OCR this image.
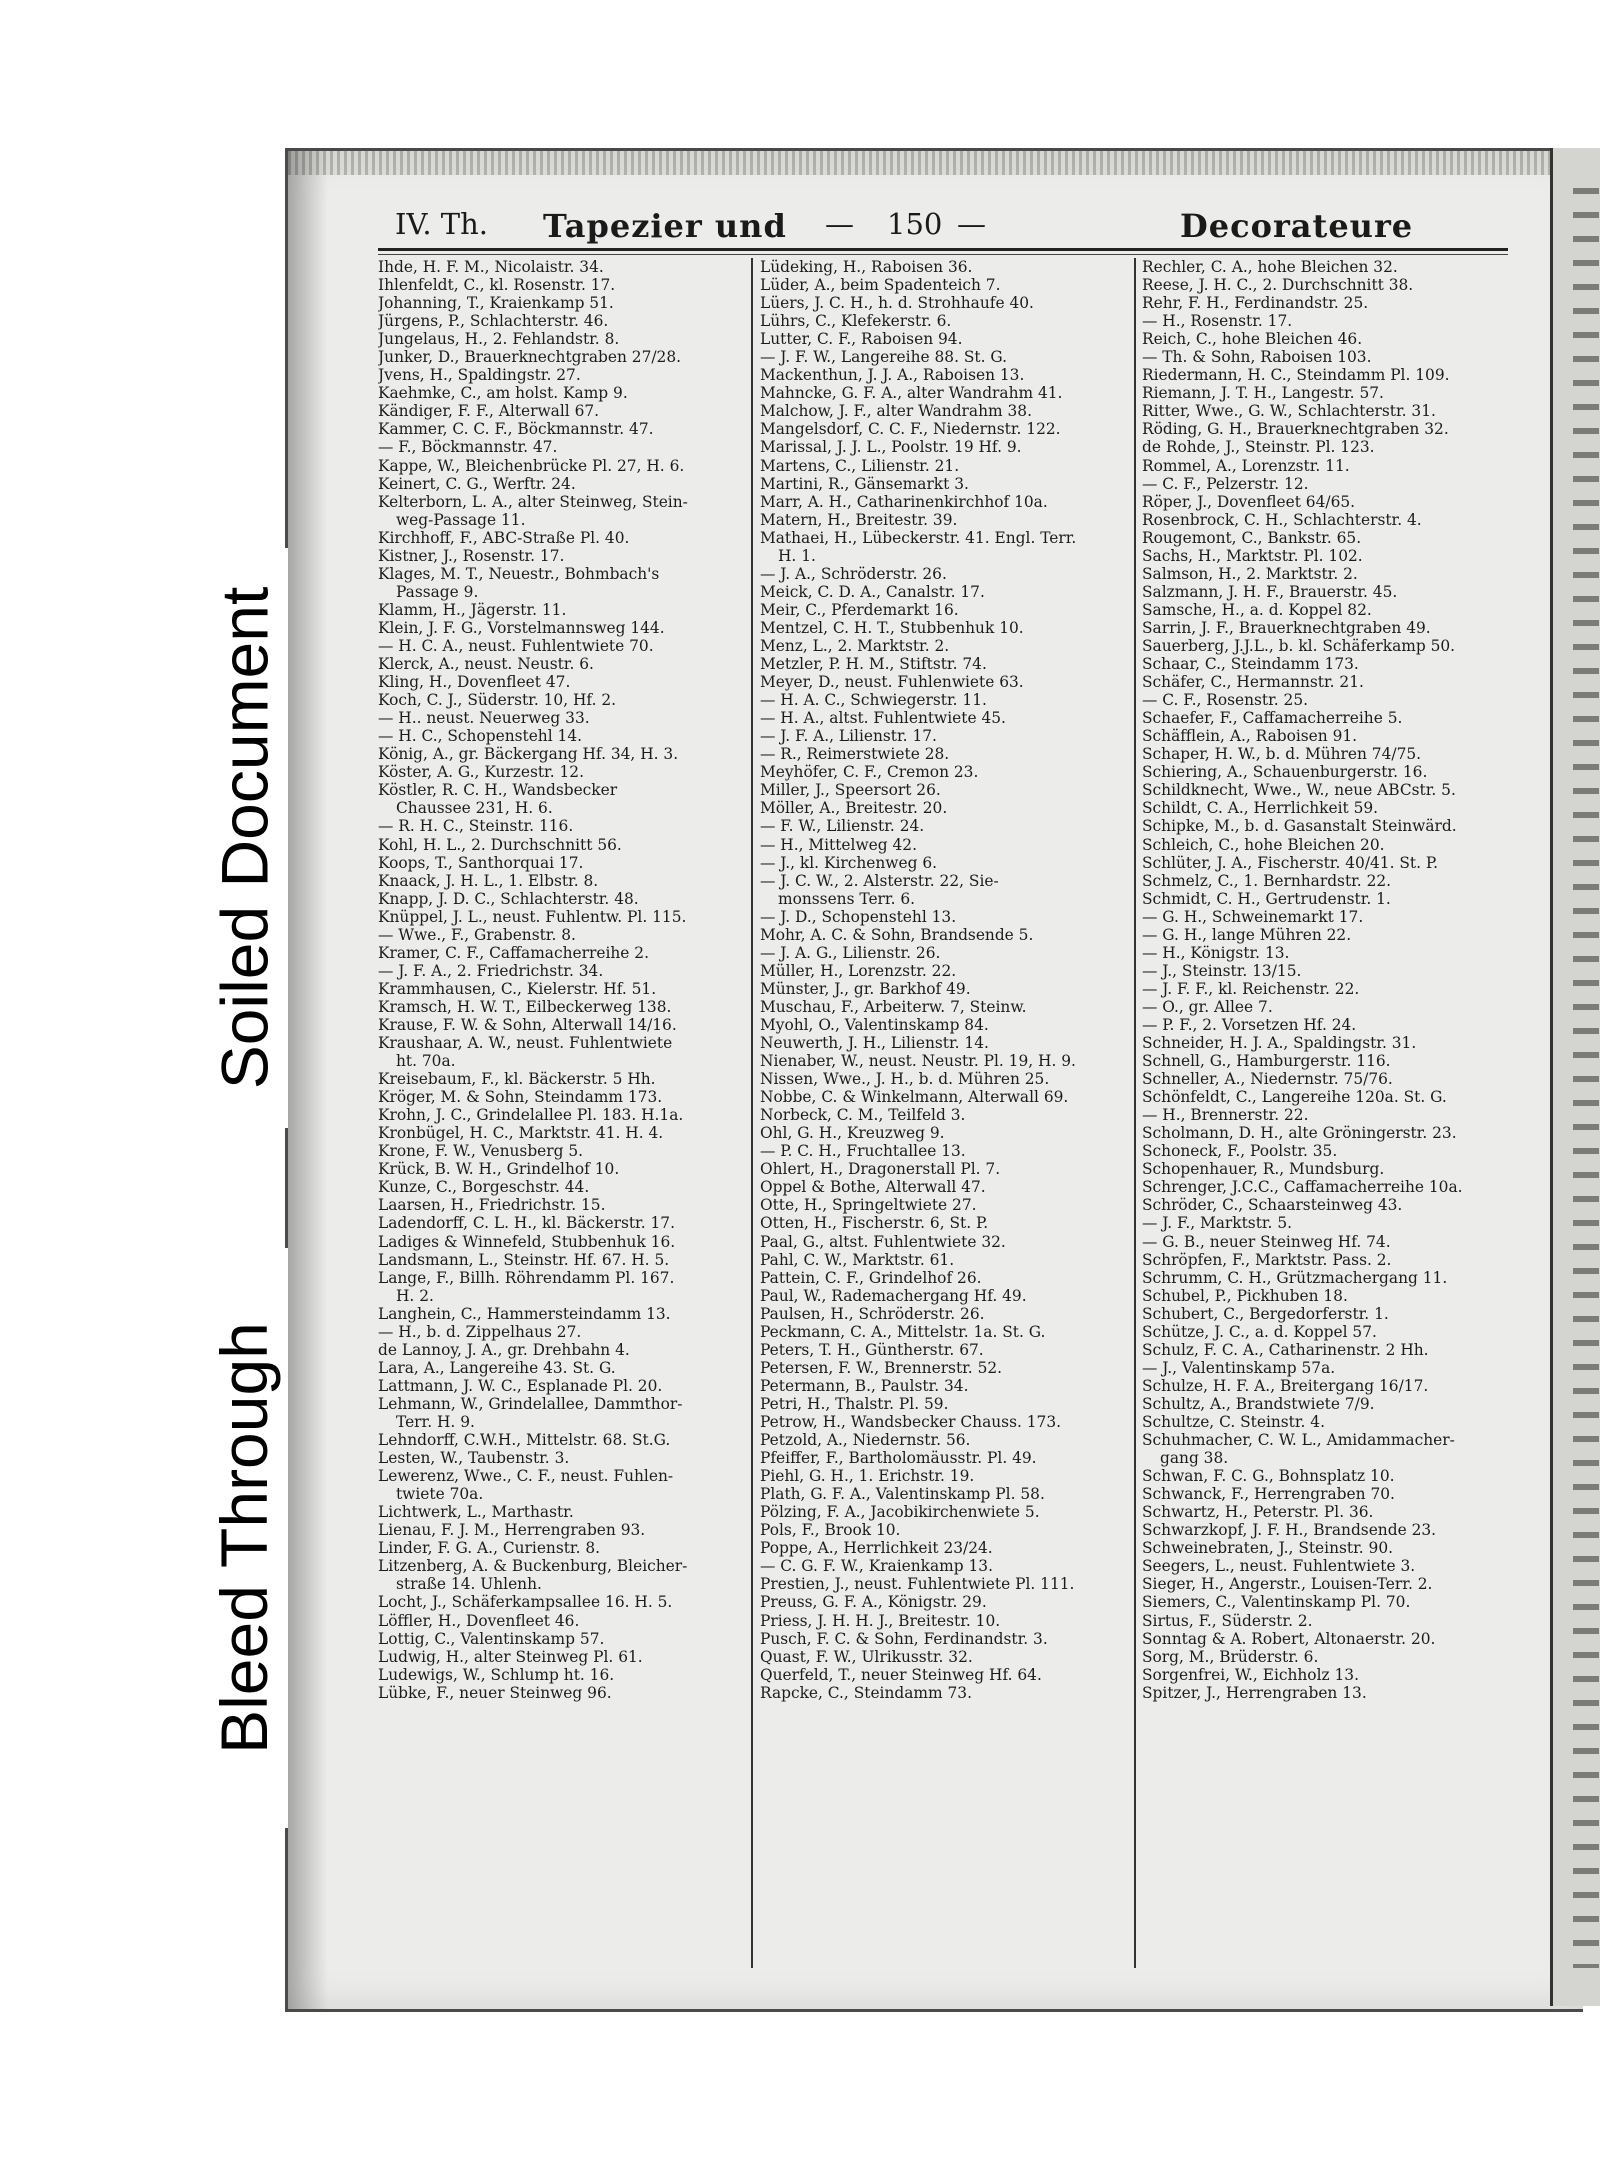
Soiled Document
Bleed Through
IV. Th. Tapezier und — 150 —	Decorateure
Ihde, H. F. M., Nicolaistr. 34.
Ihlenfeldt, C., kl. Rosenstr. 17.
Johanning, T., Kraienkamp 51.
Jürgens, P., Schlachterstr. 46.
Jungelaus, H., 2. Fehlandstr. 8.
Junker, D., Brauerknechtgraben 27/28.
Jvens, H., Spaldingstr. 27.
Kaehmke, C., am holst. Kamp 9.
Kändiger, F. F., Alterwall 67.
Kammer, C. C. F., Böckmannstr. 47.
— F., Böckmannstr. 47.
Kappe, W., Bleichenbrücke Pl. 27, H. 6.
Keinert, C. G., Werftr. 24.
Kelterborn, L. A., alter Steinweg, Stein-
weg-Passage 11.
Kirchhoff, F., ABC-Straße Pl. 40.
Kistner, J., Rosenstr. 17.
Klages, M. T., Neuestr., Bohmbach's
Passage 9.
Klamm, H., Jägerstr. 11.
Klein, J. F. G., Vorstelmannsweg 144.
— H. C. A., neust. Fuhlentwiete 70.
Klerck, A., neust. Neustr. 6.
Kling, H., Dovenfleet 47.
Koch, C. J., Süderstr. 10, Hf. 2.
— H.. neust. Neuerweg 33.
— H. C., Schopenstehl 14.
König, A., gr. Bäckergang Hf. 34, H. 3.
Köster, A. G., Kurzestr. 12.
Köstler, R. C. H., Wandsbecker
Chaussee 231, H. 6.
— R. H. C., Steinstr. 116.
Kohl, H. L., 2. Durchschnitt 56.
Koops, T., Santhorquai 17.
Knaack, J. H. L., 1. Elbstr. 8.
Knapp, J. D. C., Schlachterstr. 48.
Knüppel, J. L., neust. Fuhlentw. Pl. 115.
— Wwe., F., Grabenstr. 8.
Kramer, C. F., Caffamacherreihe 2.
— J. F. A., 2. Friedrichstr. 34.
Krammhausen, C., Kielerstr. Hf. 51.
Kramsch, H. W. T., Eilbeckerweg 138.
Krause, F. W. & Sohn, Alterwall 14/16.
Kraushaar, A. W., neust. Fuhlentwiete
ht. 70a.
Kreisebaum, F., kl. Bäckerstr. 5 Hh.
Kröger, M. & Sohn, Steindamm 173.
Krohn, J. C., Grindelallee Pl. 183. H.1a.
Kronbügel, H. C., Marktstr. 41. H. 4.
Krone, F. W., Venusberg 5.
Krück, B. W. H., Grindelhof 10.
Kunze, C., Borgeschstr. 44.
Laarsen, H., Friedrichstr. 15.
Ladendorff, C. L. H., kl. Bäckerstr. 17.
Ladiges & Winnefeld, Stubbenhuk 16.
Landsmann, L., Steinstr. Hf. 67. H. 5.
Lange, F., Billh. Röhrendamm Pl. 167.
H. 2.
Langhein, C., Hammersteindamm 13.
— H., b. d. Zippelhaus 27.
de Lannoy, J. A., gr. Drehbahn 4.
Lara, A., Langereihe 43. St. G.
Lattmann, J. W. C., Esplanade Pl. 20.
Lehmann, W., Grindelallee, Dammthor-
Terr. H. 9.
Lehndorff, C.W.H., Mittelstr. 68. St.G.
Lesten, W., Taubenstr. 3.
Lewerenz, Wwe., C. F., neust. Fuhlen-
twiete 70a.
Lichtwerk, L., Marthastr.
Lienau, F. J. M., Herrengraben 93.
Linder, F. G. A., Curienstr. 8.
Litzenberg, A. & Buckenburg, Bleicher-
straße 14. Uhlenh.
Locht, J., Schäferkampsallee 16. H. 5.
Löffler, H., Dovenfleet 46.
Lottig, C., Valentinskamp 57.
Ludwig, H., alter Steinweg Pl. 61.
Ludewigs, W., Schlump ht. 16.
Lübke, F., neuer Steinweg 96.
Lüdeking, H., Raboisen 36.
Lüder, A., beim Spadenteich 7.
Lüers, J. C. H., h. d. Strohhaufe 40.
Lührs, C., Klefekerstr. 6.
Lutter, C. F., Raboisen 94.
— J. F. W., Langereihe 88. St. G.
Mackenthun, J. J. A., Raboisen 13.
Mahncke, G. F. A., alter Wandrahm 41.
Malchow, J. F., alter Wandrahm 38.
Mangelsdorf, C. C. F., Niedernstr. 122.
Marissal, J. J. L., Poolstr. 19 Hf. 9.
Martens, C., Lilienstr. 21.
Martini, R., Gänsemarkt 3.
Marr, A. H., Catharinenkirchhof 10a.
Matern, H., Breitestr. 39.
Mathaei, H., Lübeckerstr. 41. Engl. Terr.
H. 1.
— J. A., Schröderstr. 26.
Meick, C. D. A., Canalstr. 17.
Meir, C., Pferdemarkt 16.
Mentzel, C. H. T., Stubbenhuk 10.
Menz, L., 2. Marktstr. 2.
Metzler, P. H. M., Stiftstr. 74.
Meyer, D., neust. Fuhlenwiete 63.
— H. A. C., Schwiegerstr. 11.
— H. A., altst. Fuhlentwiete 45.
— J. F. A., Lilienstr. 17.
— R., Reimerstwiete 28.
Meyhöfer, C. F., Cremon 23.
Miller, J., Speersort 26.
Möller, A., Breitestr. 20.
— F. W., Lilienstr. 24.
— H., Mittelweg 42.
— J., kl. Kirchenweg 6.
— J. C. W., 2. Alsterstr. 22, Sie-
monssens Terr. 6.
— J. D., Schopenstehl 13.
Mohr, A. C. & Sohn, Brandsende 5.
— J. A. G., Lilienstr. 26.
Müller, H., Lorenzstr. 22.
Münster, J., gr. Barkhof 49.
Muschau, F., Arbeiterw. 7, Steinw.
Myohl, O., Valentinskamp 84.
Neuwerth, J. H., Lilienstr. 14.
Nienaber, W., neust. Neustr. Pl. 19, H. 9.
Nissen, Wwe., J. H., b. d. Mühren 25.
Nobbe, C. & Winkelmann, Alterwall 69.
Norbeck, C. M., Teilfeld 3.
Ohl, G. H., Kreuzweg 9.
— P. C. H., Fruchtallee 13.
Ohlert, H., Dragonerstall Pl. 7.
Oppel & Bothe, Alterwall 47.
Otte, H., Springeltwiete 27.
Otten, H., Fischerstr. 6, St. P.
Paal, G., altst. Fuhlentwiete 32.
Pahl, C. W., Marktstr. 61.
Pattein, C. F., Grindelhof 26.
Paul, W., Rademachergang Hf. 49.
Paulsen, H., Schröderstr. 26.
Peckmann, C. A., Mittelstr. 1a. St. G.
Peters, T. H., Güntherstr. 67.
Petersen, F. W., Brennerstr. 52.
Petermann, B., Paulstr. 34.
Petri, H., Thalstr. Pl. 59.
Petrow, H., Wandsbecker Chauss. 173.
Petzold, A., Niedernstr. 56.
Pfeiffer, F., Bartholomäusstr. Pl. 49.
Piehl, G. H., 1. Erichstr. 19.
Plath, G. F. A., Valentinskamp Pl. 58.
Pölzing, F. A., Jacobikirchenwiete 5.
Pols, F., Brook 10.
Poppe, A., Herrlichkeit 23/24.
— C. G. F. W., Kraienkamp 13.
Prestien, J., neust. Fuhlentwiete Pl. 111.
Preuss, G. F. A., Königstr. 29.
Priess, J. H. H. J., Breitestr. 10.
Pusch, F. C. & Sohn, Ferdinandstr. 3.
Quast, F. W., Ulrikusstr. 32.
Querfeld, T., neuer Steinweg Hf. 64.
Rapcke, C., Steindamm 73.
Rechler, C. A., hohe Bleichen 32.
Reese, J. H. C., 2. Durchschnitt 38.
Rehr, F. H., Ferdinandstr. 25.
— H., Rosenstr. 17.
Reich, C., hohe Bleichen 46.
— Th. & Sohn, Raboisen 103.
Riedermann, H. C., Steindamm Pl. 109.
Riemann, J. T. H., Langestr. 57.
Ritter, Wwe., G. W., Schlachterstr. 31.
Röding, G. H., Brauerknechtgraben 32.
de Rohde, J., Steinstr. Pl. 123.
Rommel, A., Lorenzstr. 11.
— C. F., Pelzerstr. 12.
Röper, J., Dovenfleet 64/65.
Rosenbrock, C. H., Schlachterstr. 4.
Rougemont, C., Bankstr. 65.
Sachs, H., Marktstr. Pl. 102.
Salmson, H., 2. Marktstr. 2.
Salzmann, J. H. F., Brauerstr. 45.
Samsche, H., a. d. Koppel 82.
Sarrin, J. F., Brauerknechtgraben 49.
Sauerberg, J.J.L., b. kl. Schäferkamp 50.
Schaar, C., Steindamm 173.
Schäfer, C., Hermannstr. 21.
— C. F., Rosenstr. 25.
Schaefer, F., Caffamacherreihe 5.
Schäfflein, A., Raboisen 91.
Schaper, H. W., b. d. Mühren 74/75.
Schiering, A., Schauenburgerstr. 16.
Schildknecht, Wwe., W., neue ABCstr. 5.
Schildt, C. A., Herrlichkeit 59.
Schipke, M., b. d. Gasanstalt Steinwärd.
Schleich, C., hohe Bleichen 20.
Schlüter, J. A., Fischerstr. 40/41. St. P.
Schmelz, C., 1. Bernhardstr. 22.
Schmidt, C. H., Gertrudenstr. 1.
— G. H., Schweinemarkt 17.
— G. H., lange Mühren 22.
— H., Königstr. 13.
— J., Steinstr. 13/15.
— J. F. F., kl. Reichenstr. 22.
— O., gr. Allee 7.
— P. F., 2. Vorsetzen Hf. 24.
Schneider, H. J. A., Spaldingstr. 31.
Schnell, G., Hamburgerstr. 116.
Schneller, A., Niedernstr. 75/76.
Schönfeldt, C., Langereihe 120a. St. G.
— H., Brennerstr. 22.
Scholmann, D. H., alte Gröningerstr. 23.
Schoneck, F., Poolstr. 35.
Schopenhauer, R., Mundsburg.
Schrenger, J.C.C., Caffamacherreihe 10a.
Schröder, C., Schaarsteinweg 43.
— J. F., Marktstr. 5.
— G. B., neuer Steinweg Hf. 74.
Schröpfen, F., Marktstr. Pass. 2.
Schrumm, C. H., Grützmachergang 11.
Schubel, P., Pickhuben 18.
Schubert, C., Bergedorferstr. 1.
Schütze, J. C., a. d. Koppel 57.
Schulz, F. C. A., Catharinenstr. 2 Hh.
— J., Valentinskamp 57a.
Schulze, H. F. A., Breitergang 16/17.
Schultz, A., Brandstwiete 7/9.
Schultze, C. Steinstr. 4.
Schuhmacher, C. W. L., Amidammacher-
gang 38.
Schwan, F. C. G., Bohnsplatz 10.
Schwanck, F., Herrengraben 70.
Schwartz, H., Peterstr. Pl. 36.
Schwarzkopf, J. F. H., Brandsende 23.
Schweinebraten, J., Steinstr. 90.
Seegers, L., neust. Fuhlentwiete 3.
Sieger, H., Angerstr., Louisen-Terr. 2.
Siemers, C., Valentinskamp Pl. 70.
Sirtus, F., Süderstr. 2.
Sonntag & A. Robert, Altonaerstr. 20.
Sorg, M., Brüderstr. 6.
Sorgenfrei, W., Eichholz 13.
Spitzer, J., Herrengraben 13.
